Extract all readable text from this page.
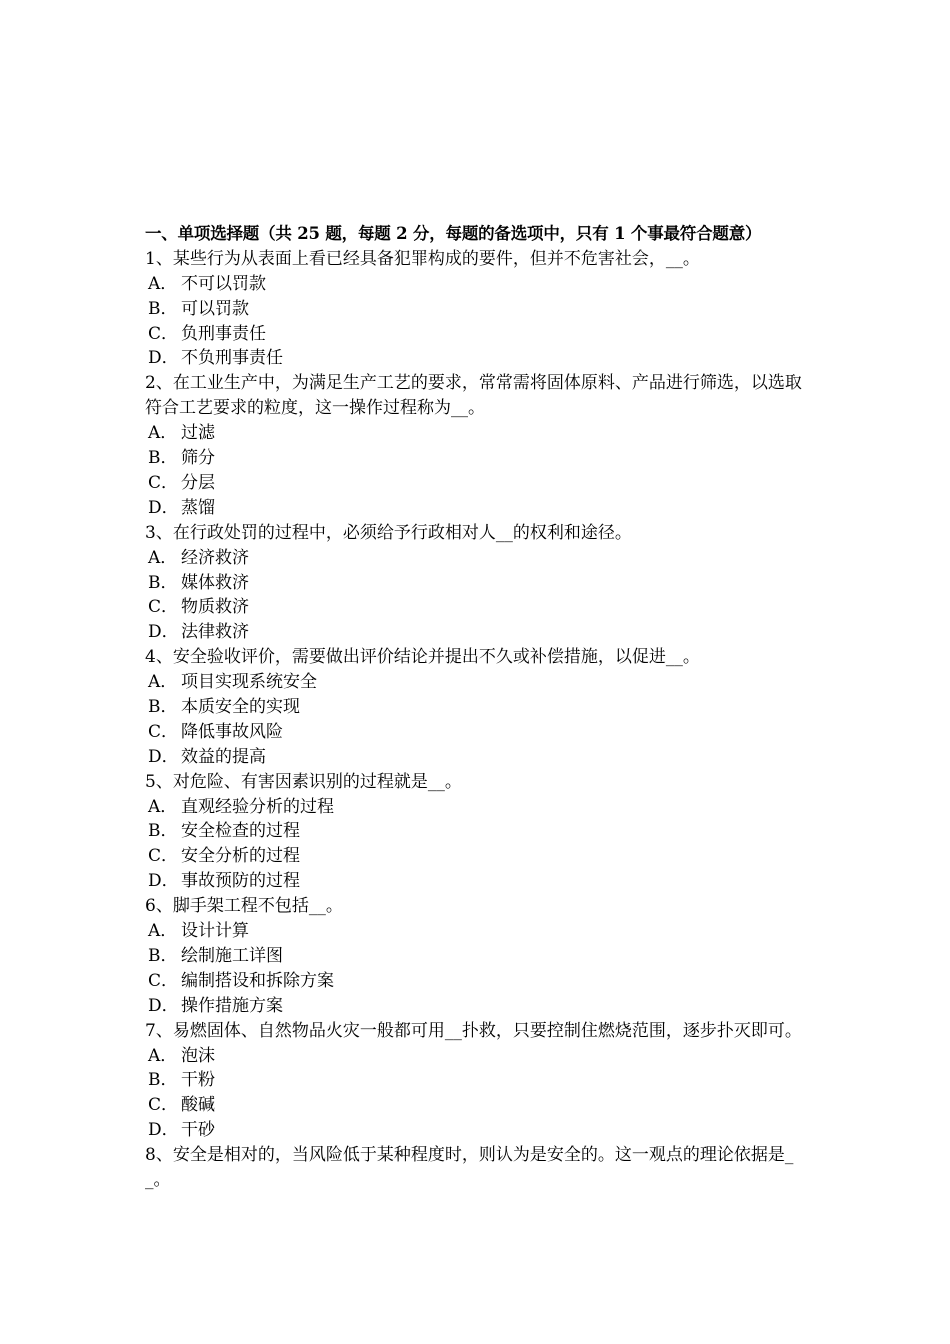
一、单项选择题（共 25 题，每题 2 分，每题的备选项中，只有 1 个事最符合题意）
1、某些行为从表面上看已经具备犯罪构成的要件，但并不危害社会，__。
A． 不可以罚款
B． 可以罚款
C． 负刑事责任
D． 不负刑事责任
2、在工业生产中，为满足生产工艺的要求，常常需将固体原料、产品进行筛选，以选取符合工艺要求的粒度，这一操作过程称为__。
A． 过滤
B． 筛分
C． 分层
D． 蒸馏
3、在行政处罚的过程中，必须给予行政相对人__的权利和途径。
A． 经济救济
B． 媒体救济
C． 物质救济
D． 法律救济
4、安全验收评价，需要做出评价结论并提出不久或补偿措施，以促进__。
A． 项目实现系统安全
B． 本质安全的实现
C． 降低事故风险
D． 效益的提高
5、对危险、有害因素识别的过程就是__。
A． 直观经验分析的过程
B． 安全检查的过程
C． 安全分析的过程
D． 事故预防的过程
6、脚手架工程不包括__。
A． 设计计算
B． 绘制施工详图
C． 编制搭设和拆除方案
D． 操作措施方案
7、易燃固体、自然物品火灾一般都可用__扑救，只要控制住燃烧范围，逐步扑灭即可。
A． 泡沫
B． 干粉
C． 酸碱
D． 干砂
8、安全是相对的，当风险低于某种程度时，则认为是安全的。这一观点的理论依据是__。
